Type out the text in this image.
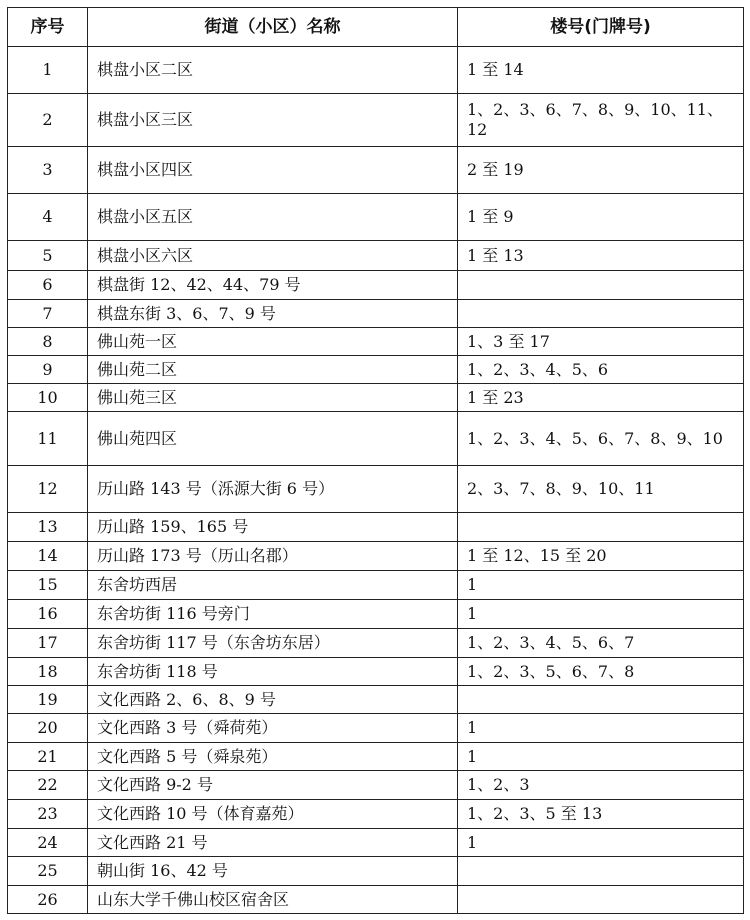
序号	街道（小区）名称	楼号(门牌号)
1	棋盘小区二区	1 至 14
2	棋盘小区三区	1、2、3、6、7、8、9、10、11、12
3	棋盘小区四区	2 至 19
4	棋盘小区五区	1 至 9
5	棋盘小区六区	1 至 13
6	棋盘街 12、42、44、79 号	
7	棋盘东街 3、6、7、9 号	
8	佛山苑一区	1、3 至 17
9	佛山苑二区	1、2、3、4、5、6
10	佛山苑三区	1 至 23
11	佛山苑四区	1、2、3、4、5、6、7、8、9、10
12	历山路 143 号（泺源大街 6 号）	2、3、7、8、9、10、11
13	历山路 159、165 号	
14	历山路 173 号（历山名郡）	1 至 12、15 至 20
15	东舍坊西居	1
16	东舍坊街 116 号旁门	1
17	东舍坊街 117 号（东舍坊东居）	1、2、3、4、5、6、7
18	东舍坊街 118 号	1、2、3、5、6、7、8
19	文化西路 2、6、8、9 号	
20	文化西路 3 号（舜荷苑）	1
21	文化西路 5 号（舜泉苑）	1
22	文化西路 9-2 号	1、2、3
23	文化西路 10 号（体育嘉苑）	1、2、3、5 至 13
24	文化西路 21 号	1
25	朝山街 16、42 号	
26	山东大学千佛山校区宿舍区	
